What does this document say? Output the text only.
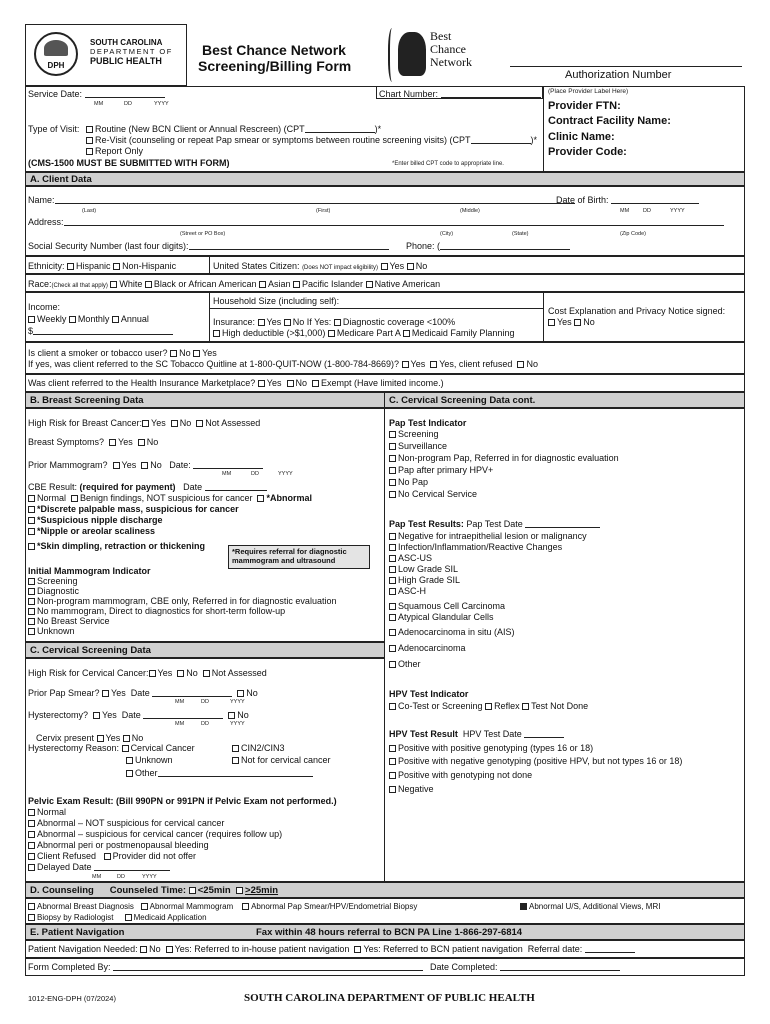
DPH
SOUTH CAROLINA
DEPARTMENT OF
PUBLIC HEALTH
Best Chance Network
Screening/Billing Form
Best
Chance
Network
Authorization Number
Service Date:
MM	DD	YYYY
Chart Number:
Type of Visit:	Routine (New BCN Client or Annual Rescreen) (CPT	)*
Re-Visit (counseling or repeat Pap smear or symptoms between routine screening visits) (CPT	)*
Report Only
(CMS-1500 MUST BE SUBMITTED WITH FORM)	*Enter billed CPT code to appropriate line.
(Place Provider Label Here)
Provider FTN:
Contract Facility Name:
Clinic Name:
Provider Code:
A. Client Data
Name:
(Last)	(First)	(Middle)
Date of Birth:
MM	DD	YYYY
Address:
(Street or PO Box)	(City)	(State)	(Zip Code)
Social Security Number (last four digits):	Phone: (
Ethnicity: Hispanic Non-Hispanic	United States Citizen: (Does NOT impact eligibility) Yes No
Race:(Check all that apply) White Black or African American Asian Pacific Islander Native American
Income:
Weekly Monthly Annual
$
Household Size (including self):
Insurance: Yes No If Yes: Diagnostic coverage <100%
High deductible (>$1,000) Medicare Part A Medicaid Family Planning
Cost Explanation and Privacy Notice signed:
Yes No
Is client a smoker or tobacco user? No Yes
If yes, was client referred to the SC Tobacco Quitline at 1-800-QUIT-NOW (1-800-784-8669)? Yes Yes, client refused No
Was client referred to the Health Insurance Marketplace? Yes No Exempt (Have limited income.)
B. Breast Screening Data	C. Cervical Screening Data cont.
High Risk for Breast Cancer: Yes No Not Assessed
Breast Symptoms? Yes No
Prior Mammogram? Yes No Date:
MM	DD	YYYY
CBE Result: (required for payment) Date
Normal Benign findings, NOT suspicious for cancer *Abnormal
*Discrete palpable mass, suspicious for cancer
*Suspicious nipple discharge
*Nipple or areolar scaliness
*Skin dimpling, retraction or thickening
*Requires referral for diagnostic mammogram and ultrasound
Initial Mammogram Indicator
Screening
Diagnostic
Non-program mammogram, CBE only, Referred in for diagnostic evaluation
No mammogram, Direct to diagnostics for short-term follow-up
No Breast Service
Unknown
C. Cervical Screening Data
High Risk for Cervical Cancer: Yes No Not Assessed
Prior Pap Smear? Yes Date	No
MM	DD	YYYY
Hysterectomy? Yes Date	No
MM	DD	YYYY
Cervix present Yes No
Hysterectomy Reason: Cervical Cancer	CIN2/CIN3
Unknown	Not for cervical cancer
Other
Pelvic Exam Result: (Bill 990PN or 991PN if Pelvic Exam not performed.)
Normal
Abnormal – NOT suspicious for cervical cancer
Abnormal – suspicious for cervical cancer (requires follow up)
Abnormal peri or postmenopausal bleeding
Client Refused Provider did not offer
Delayed Date
MM	DD	YYYY
Pap Test Indicator
Screening
Surveillance
Non-program Pap, Referred in for diagnostic evaluation
Pap after primary HPV+
No Pap
No Cervical Service
Pap Test Results: Pap Test Date
Negative for intraepithelial lesion or malignancy
Infection/Inflammation/Reactive Changes
ASC-US
Low Grade SIL
High Grade SIL
ASC-H
Squamous Cell Carcinoma
Atypical Glandular Cells
Adenocarcinoma in situ (AIS)
Adenocarcinoma
Other
HPV Test Indicator
Co-Test or Screening Reflex Test Not Done
HPV Test Result HPV Test Date
Positive with positive genotyping (types 16 or 18)
Positive with negative genotyping (positive HPV, but not types 16 or 18)
Positive with genotyping not done
Negative
D. Counseling Counseled Time: <25min >25min
Abnormal Breast Diagnosis Abnormal Mammogram Abnormal Pap Smear/HPV/Endometrial Biopsy	Abnormal U/S, Additional Views, MRI
Biopsy by Radiologist	Medicaid Application
E. Patient Navigation	Fax within 48 hours referral to BCN PA Line 1-866-297-6814
Patient Navigation Needed: No Yes: Referred to in-house patient navigation Yes: Referred to BCN patient navigation Referral date:
Form Completed By:	Date Completed:
1012-ENG-DPH (07/2024)	SOUTH CAROLINA DEPARTMENT OF PUBLIC HEALTH
